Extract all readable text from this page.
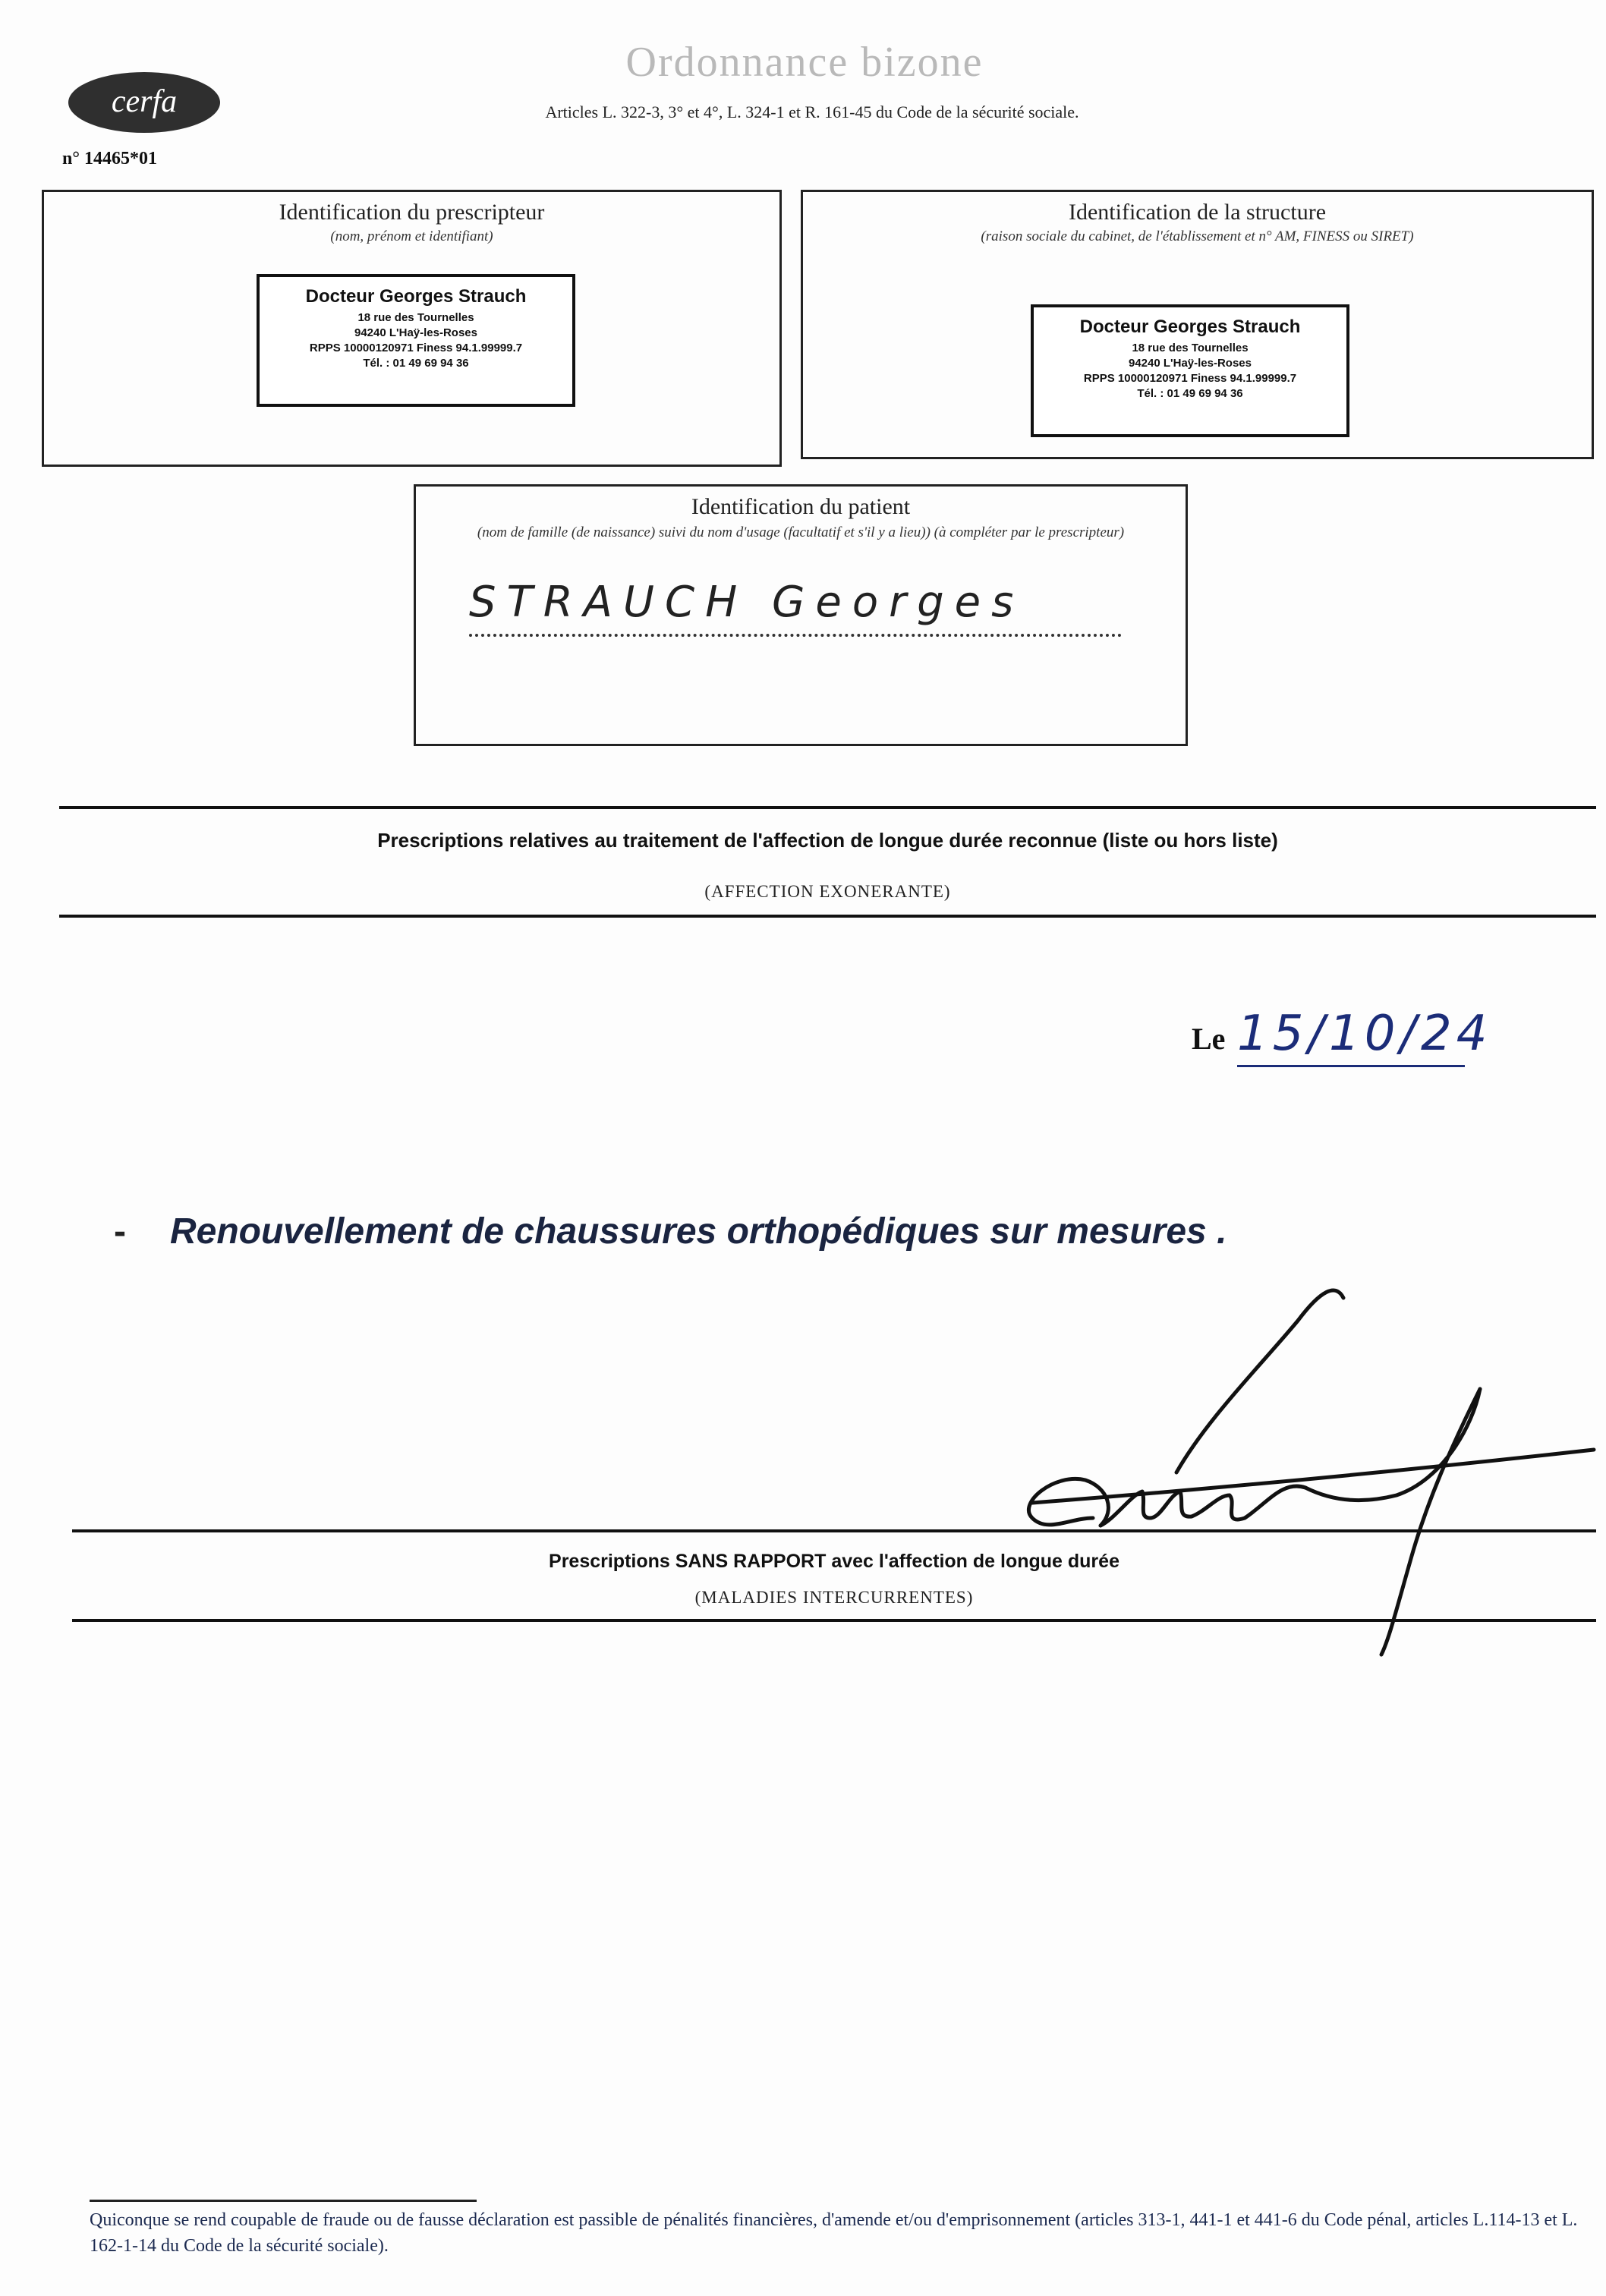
Ordonnance bizone
cerfa	Articles L. 322-3, 3° et 4°, L. 324-1 et R. 161-45 du Code de la sécurité sociale.
n° 14465*01
Identification du prescripteur
(nom, prénom et identifiant)
Docteur Georges Strauch
18 rue des Tournelles
94240 L'Haÿ-les-Roses
RPPS 10000120971 Finess 94.1.99999.7
Tél. : 01 49 69 94 36
Identification de la structure
(raison sociale du cabinet, de l'établissement et n° AM, FINESS ou SIRET)
Docteur Georges Strauch
18 rue des Tournelles
94240 L'Haÿ-les-Roses
RPPS 10000120971 Finess 94.1.99999.7
Tél. : 01 49 69 94 36
Identification du patient
(nom de famille (de naissance) suivi du nom d'usage (facultatif et s'il y a lieu)) (à compléter par le prescripteur)
STRAUCH Georges
Prescriptions relatives au traitement de l'affection de longue durée reconnue (liste ou hors liste)
(AFFECTION EXONERANTE)
Le 15/10/24
- Renouvellement de chaussures orthopédiques sur mesures .
Prescriptions SANS RAPPORT avec l'affection de longue durée
(MALADIES INTERCURRENTES)
Quiconque se rend coupable de fraude ou de fausse déclaration est passible de pénalités financières, d'amende et/ou d'emprisonnement (articles 313-1, 441-1 et 441-6 du Code pénal, articles L.114-13 et L. 162-1-14 du Code de la sécurité sociale).
